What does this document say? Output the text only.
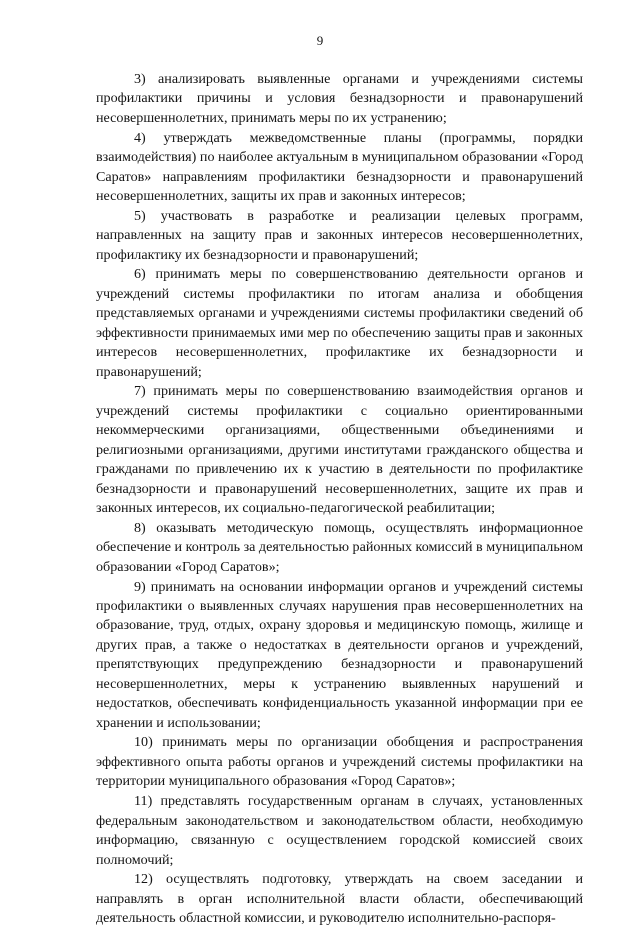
9

3) анализировать выявленные органами и учреждениями системы профилактики причины и условия безнадзорности и правонарушений несовершеннолетних, принимать меры по их устранению;

4) утверждать межведомственные планы (программы, порядки взаимодействия) по наиболее актуальным в муниципальном образовании «Город Саратов» направлениям профилактики безнадзорности и правонарушений несовершеннолетних, защиты их прав и законных интересов;

5) участвовать в разработке и реализации целевых программ, направленных на защиту прав и законных интересов несовершеннолетних, профилактику их безнадзорности и правонарушений;

6) принимать меры по совершенствованию деятельности органов и учреждений системы профилактики по итогам анализа и обобщения представляемых органами и учреждениями системы профилактики сведений об эффективности принимаемых ими мер по обеспечению защиты прав и законных интересов несовершеннолетних, профилактике их безнадзорности и правонарушений;

7) принимать меры по совершенствованию взаимодействия органов и учреждений системы профилактики с социально ориентированными некоммерческими организациями, общественными объединениями и религиозными организациями, другими институтами гражданского общества и гражданами по привлечению их к участию в деятельности по профилактике безнадзорности и правонарушений несовершеннолетних, защите их прав и законных интересов, их социально-педагогической реабилитации;

8) оказывать методическую помощь, осуществлять информационное обеспечение и контроль за деятельностью районных комиссий в муниципальном образовании «Город Саратов»;

9) принимать на основании информации органов и учреждений системы профилактики о выявленных случаях нарушения прав несовершеннолетних на образование, труд, отдых, охрану здоровья и медицинскую помощь, жилище и других прав, а также о недостатках в деятельности органов и учреждений, препятствующих предупреждению безнадзорности и правонарушений несовершеннолетних, меры к устранению выявленных нарушений и недостатков, обеспечивать конфиденциальность указанной информации при ее хранении и использовании;

10) принимать меры по организации обобщения и распространения эффективного опыта работы органов и учреждений системы профилактики на территории муниципального образования «Город Саратов»;

11) представлять государственным органам в случаях, установленных федеральным законодательством и законодательством области, необходимую информацию, связанную с осуществлением городской комиссией своих полномочий;

12) осуществлять подготовку, утверждать на своем заседании и направлять в орган исполнительной власти области, обеспечивающий деятельность областной комиссии, и руководителю исполнительно-распоря-
